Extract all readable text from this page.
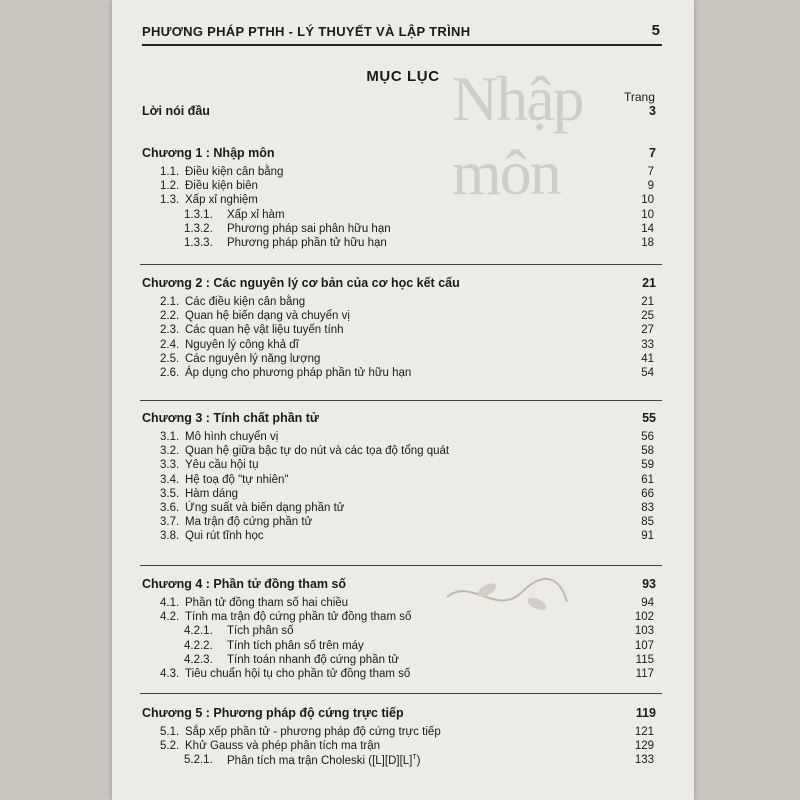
Nhập môn
PHƯƠNG PHÁP PTHH - LÝ THUYẾT VÀ LẬP TRÌNH	5
MỤC LỤC
Trang
Lời nói đầu	3
Chương 1 : Nhập môn	7
1.1. Điều kiện cân bằng	7
1.2. Điều kiện biên	9
1.3. Xấp xỉ nghiệm	10
1.3.1. Xấp xỉ hàm	10
1.3.2. Phương pháp sai phân hữu hạn	14
1.3.3. Phương pháp phần tử hữu hạn	18
Chương 2 : Các nguyên lý cơ bản của cơ học kết cấu	21
2.1. Các điều kiện cân bằng	21
2.2. Quan hệ biến dạng và chuyển vị	25
2.3. Các quan hệ vật liệu tuyến tính	27
2.4. Nguyên lý công khả dĩ	33
2.5. Các nguyên lý năng lượng	41
2.6. Áp dụng cho phương pháp phần tử hữu hạn	54
Chương 3 : Tính chất phần tử	55
3.1. Mô hình chuyển vị	56
3.2. Quan hệ giữa bậc tự do nút và các tọa độ tổng quát	58
3.3. Yêu cầu hội tụ	59
3.4. Hệ toạ độ "tự nhiên"	61
3.5. Hàm dáng	66
3.6. Ứng suất và biến dạng phần tử	83
3.7. Ma trận độ cứng phần tử	85
3.8. Qui rút tĩnh học	91
Chương 4 : Phần tử đồng tham số	93
4.1. Phần tử đồng tham số hai chiều	94
4.2. Tính ma trận độ cứng phần tử đồng tham số	102
4.2.1. Tích phân số	103
4.2.2. Tính tích phân số trên máy	107
4.2.3. Tính toán nhanh độ cứng phần tử	115
4.3. Tiêu chuẩn hội tụ cho phần tử đồng tham số	117
Chương 5 : Phương pháp độ cứng trực tiếp	119
5.1. Sắp xếp phần tử - phương pháp độ cứng trực tiếp	121
5.2. Khử Gauss và phép phân tích ma trận	129
5.2.1. Phân tích ma trận Choleski $([L][D][L]^T)$	133
